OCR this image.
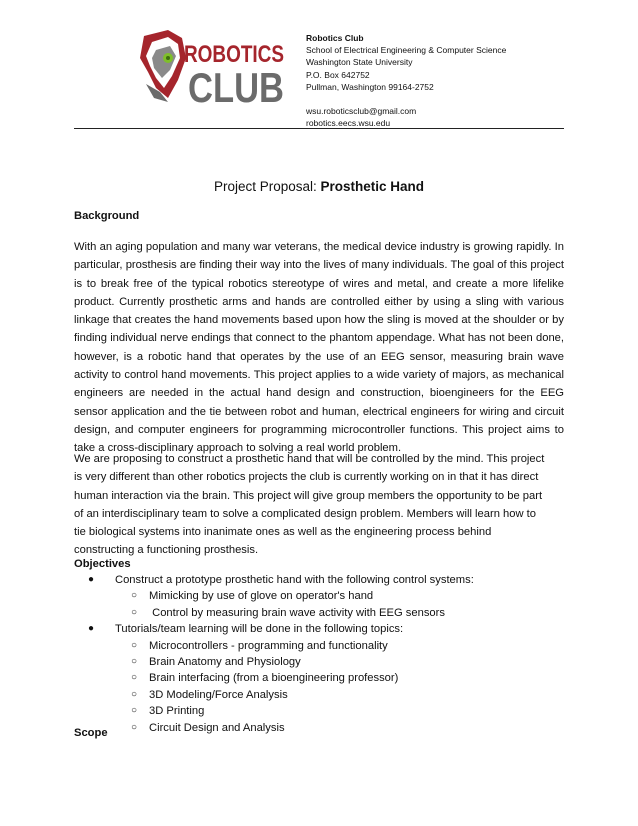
ROBOTICS
CLUB
Robotics Club
School of Electrical Engineering & Computer Science
Washington State University
P.O. Box 642752
Pullman, Washington 99164-2752
wsu.roboticsclub@gmail.com
robotics.eecs.wsu.edu
Project Proposal: Prosthetic Hand
Background
With an aging population and many war veterans, the medical device industry is growing rapidly. In particular, prosthesis are finding their way into the lives of many individuals. The goal of this project is to break free of the typical robotics stereotype of wires and metal, and create a more lifelike product. Currently prosthetic arms and hands are controlled either by using a sling with various linkage that creates the hand movements based upon how the sling is moved at the shoulder or by finding individual nerve endings that connect to the phantom appendage. What has not been done, however, is a robotic hand that operates by the use of an EEG sensor, measuring brain wave activity to control hand movements. This project applies to a wide variety of majors, as mechanical engineers are needed in the actual hand design and construction, bioengineers for the EEG sensor application and the tie between robot and human, electrical engineers for wiring and circuit design, and computer engineers for programming microcontroller functions. This project aims to take a cross-disciplinary approach to solving a real world problem.
We are proposing to construct a prosthetic hand that will be controlled by the mind. This project
is very different than other robotics projects the club is currently working on in that it has direct
human interaction via the brain. This project will give group members the opportunity to be part
of an interdisciplinary team to solve a complicated design problem. Members will learn how to
tie biological systems into inanimate ones as well as the engineering process behind
constructing a functioning prosthesis.
Objectives
● Construct a prototype prosthetic hand with the following control systems:
○ Mimicking by use of glove on operator's hand
○ Control by measuring brain wave activity with EEG sensors
● Tutorials/team learning will be done in the following topics:
○ Microcontrollers - programming and functionality
○ Brain Anatomy and Physiology
○ Brain interfacing (from a bioengineering professor)
○ 3D Modeling/Force Analysis
○ 3D Printing
○ Circuit Design and Analysis
Scope
